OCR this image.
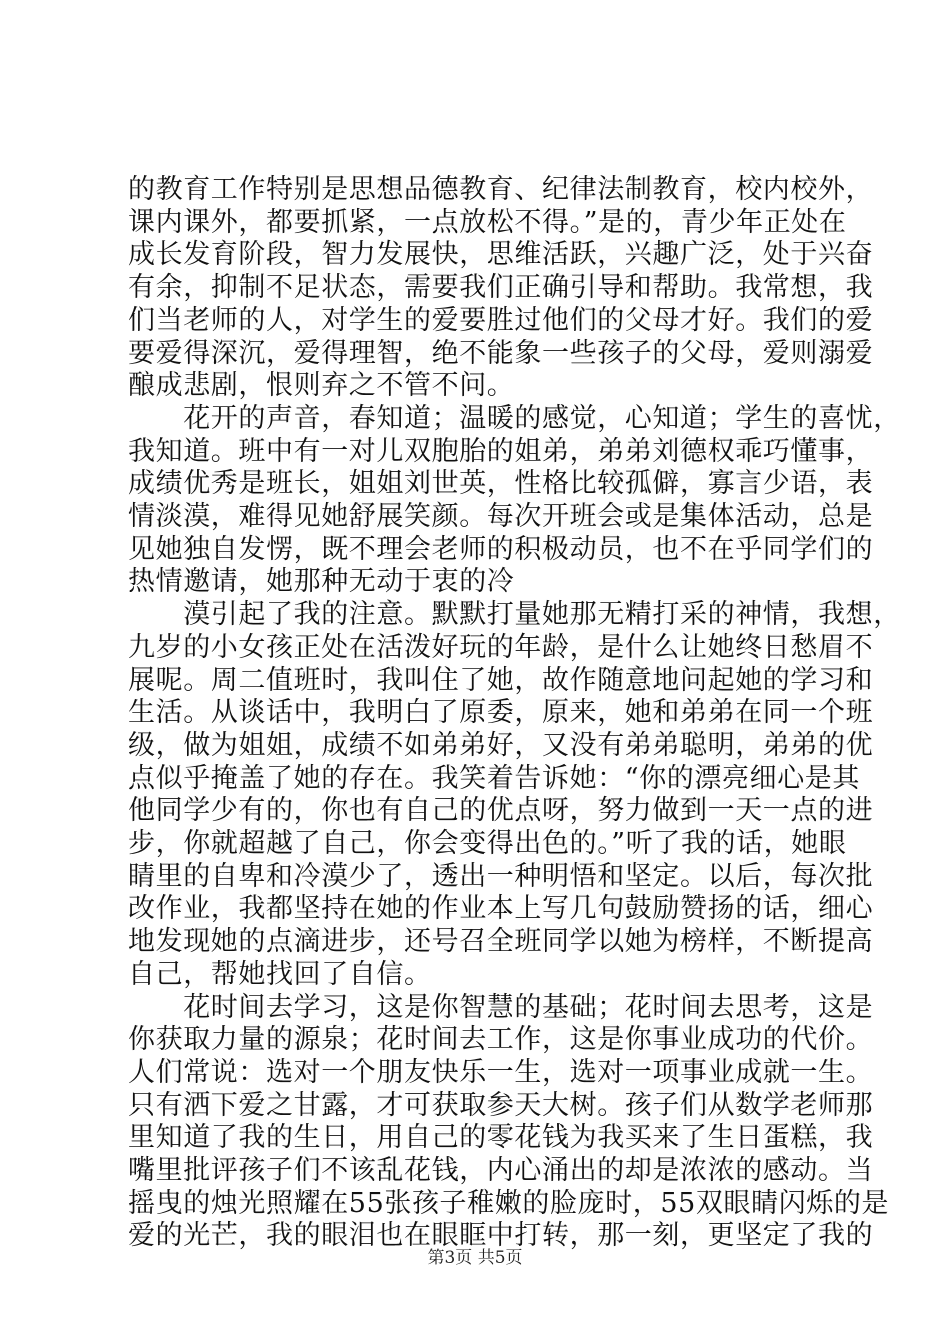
的教育工作特别是思想品德教育、纪律法制教育，校内校外，
课内课外，都要抓紧，一点放松不得。”是的，青少年正处在
成长发育阶段，智力发展快，思维活跃，兴趣广泛，处于兴奋
有余，抑制不足状态，需要我们正确引导和帮助。我常想，我
们当老师的人，对学生的爱要胜过他们的父母才好。我们的爱
要爱得深沉，爱得理智，绝不能象一些孩子的父母，爱则溺爱
酿成悲剧，恨则弃之不管不问。
　　花开的声音，春知道；温暖的感觉，心知道；学生的喜忧，
我知道。班中有一对儿双胞胎的姐弟，弟弟刘德权乖巧懂事，
成绩优秀是班长，姐姐刘世英，性格比较孤僻，寡言少语，表
情淡漠，难得见她舒展笑颜。每次开班会或是集体活动，总是
见她独自发愣，既不理会老师的积极动员，也不在乎同学们的
热情邀请，她那种无动于衷的冷
　　漠引起了我的注意。默默打量她那无精打采的神情，我想，
九岁的小女孩正处在活泼好玩的年龄，是什么让她终日愁眉不
展呢。周二值班时，我叫住了她，故作随意地问起她的学习和
生活。从谈话中，我明白了原委，原来，她和弟弟在同一个班
级，做为姐姐，成绩不如弟弟好，又没有弟弟聪明，弟弟的优
点似乎掩盖了她的存在。我笑着告诉她：“你的漂亮细心是其
他同学少有的，你也有自己的优点呀，努力做到一天一点的进
步，你就超越了自己，你会变得出色的。”听了我的话，她眼
睛里的自卑和冷漠少了，透出一种明悟和坚定。以后，每次批
改作业，我都坚持在她的作业本上写几句鼓励赞扬的话，细心
地发现她的点滴进步，还号召全班同学以她为榜样，不断提高
自己，帮她找回了自信。
　　花时间去学习，这是你智慧的基础；花时间去思考，这是
你获取力量的源泉；花时间去工作，这是你事业成功的代价。
人们常说：选对一个朋友快乐一生，选对一项事业成就一生。
只有洒下爱之甘露，才可获取参天大树。孩子们从数学老师那
里知道了我的生日，用自己的零花钱为我买来了生日蛋糕，我
嘴里批评孩子们不该乱花钱，内心涌出的却是浓浓的感动。当
摇曳的烛光照耀在55张孩子稚嫩的脸庞时，55双眼睛闪烁的是
爱的光芒，我的眼泪也在眼眶中打转，那一刻，更坚定了我的
第3页 共5页
